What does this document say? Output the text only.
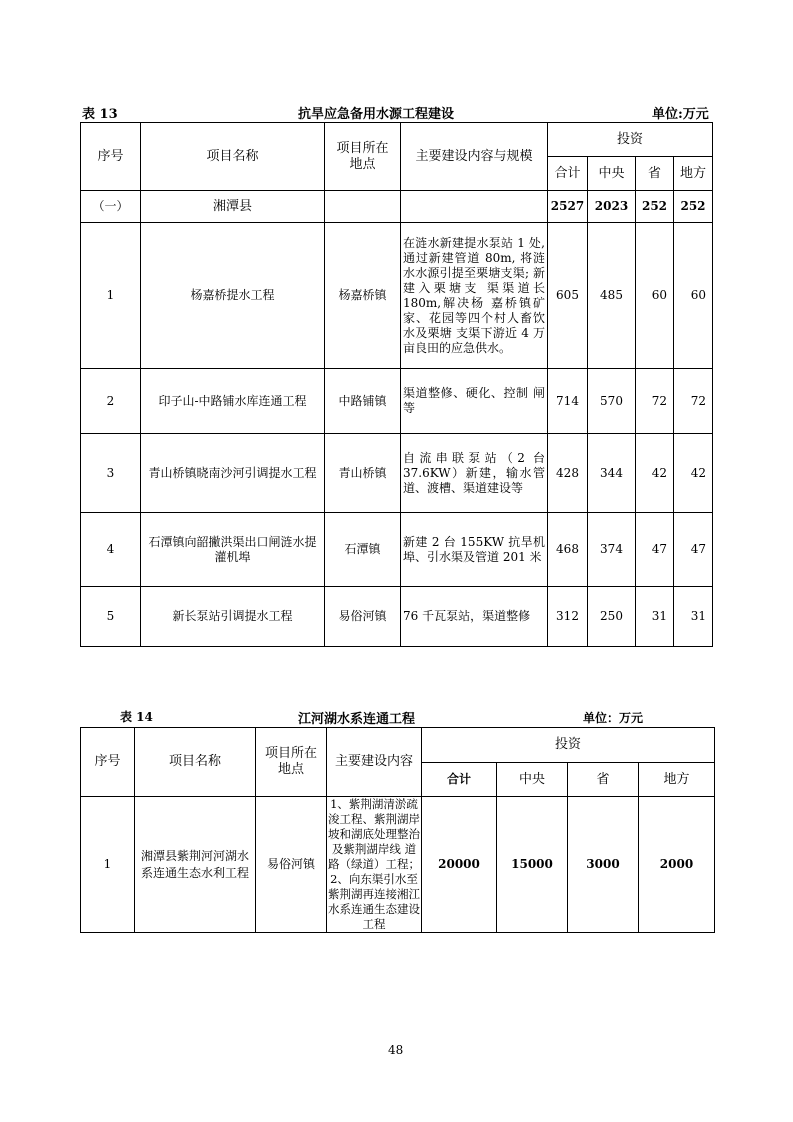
表 13	抗旱应急备用水源工程建设	单位:万元
序号	项目名称	项目所在地点	主要建设内容与规模	投资			
				合计	中央	省	地方
（一）	湘潭县			2527	2023	252	252
1	杨嘉桥提水工程	杨嘉桥镇	在涟水新建提水泵站 1 处, 通过新建管道 80m, 将涟水水源引提至栗塘支渠; 新建入栗塘支 渠渠道长 180m,解决杨 嘉桥镇矿家、花园等四个村人畜饮水及栗塘 支渠下游近 4 万亩良田的应急供水。	605	485	60	60
2	印子山-中路铺水库连通工程	中路铺镇	渠道整修、硬化、控制 闸等	714	570	72	72
3	青山桥镇晓南沙河引调提水工程	青山桥镇	自流串联泵站（2 台 37.6KW）新建，输水管 道、渡槽、渠道建设等	428	344	42	42
4	石潭镇向韶撇洪渠出口闸涟水提灌机埠	石潭镇	新建 2 台 155KW 抗旱机埠、引水渠及管道 201 米	468	374	47	47
5	新长泵站引调提水工程	易俗河镇	76 千瓦泵站，渠道整修	312	250	31	31
表 14	江河湖水系连通工程	单位：万元
序号	项目名称	项目所在地点	主要建设内容	投资			
				合计	中央	省	地方
1	湘潭县紫荆河河湖水系连通生态水利工程	易俗河镇	1、紫荆湖清淤疏浚工程、紫荆湖岸坡和湖底处理整治及紫荆湖岸线 道路（绿道）工程；2、向东渠引水至紫荆湖再连接湘江水系连通生态建设工程	20000	15000	3000	2000
48
